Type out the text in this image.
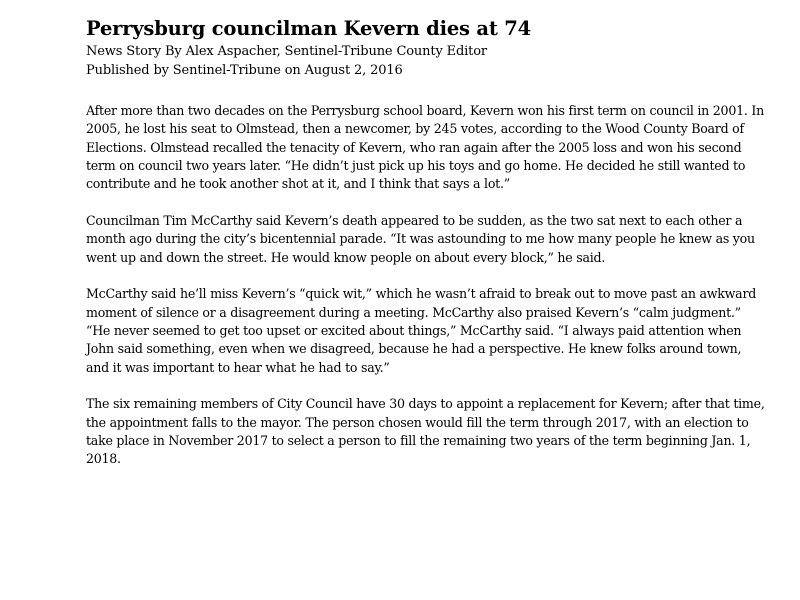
Perrysburg councilman Kevern dies at 74

News Story By Alex Aspacher, Sentinel-Tribune County Editor

Published by Sentinel-Tribune on August 2, 2016

After more than two decades on the Perrysburg school board, Kevern won his first term on council in 2001. In 2005, he lost his seat to Olmstead, then a newcomer, by 245 votes, according to the Wood County Board of Elections. Olmstead recalled the tenacity of Kevern, who ran again after the 2005 loss and won his second term on council two years later. “He didn’t just pick up his toys and go home. He decided he still wanted to contribute and he took another shot at it, and I think that says a lot.”

Councilman Tim McCarthy said Kevern’s death appeared to be sudden, as the two sat next to each other a month ago during the city’s bicentennial parade. “It was astounding to me how many people he knew as you went up and down the street. He would know people on about every block,” he said.

McCarthy said he’ll miss Kevern’s “quick wit,” which he wasn’t afraid to break out to move past an awkward moment of silence or a disagreement during a meeting. McCarthy also praised Kevern’s “calm judgment.” “He never seemed to get too upset or excited about things,” McCarthy said. “I always paid attention when John said something, even when we disagreed, because he had a perspective. He knew folks around town, and it was important to hear what he had to say.”

The six remaining members of City Council have 30 days to appoint a replacement for Kevern; after that time, the appointment falls to the mayor. The person chosen would fill the term through 2017, with an election to take place in November 2017 to select a person to fill the remaining two years of the term beginning Jan. 1, 2018.
